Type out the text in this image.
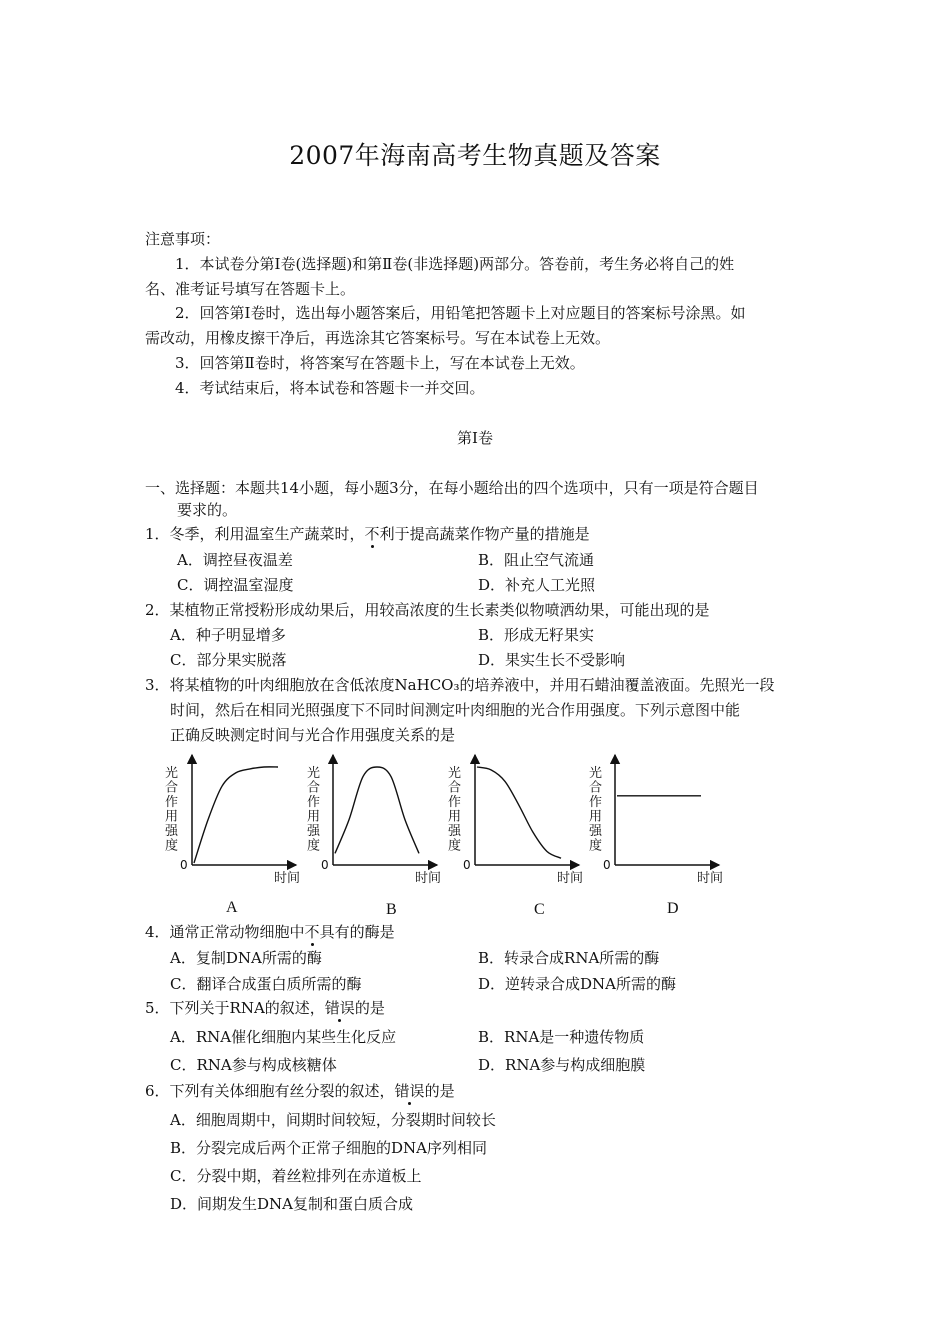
2007年海南高考生物真题及答案
注意事项：
1．本试卷分第Ⅰ卷(选择题)和第Ⅱ卷(非选择题)两部分。答卷前，考生务必将自己的姓
名、准考证号填写在答题卡上。
2．回答第Ⅰ卷时，选出每小题答案后，用铅笔把答题卡上对应题目的答案标号涂黑。如
需改动，用橡皮擦干净后，再选涂其它答案标号。写在本试卷上无效。
3．回答第Ⅱ卷时，将答案写在答题卡上，写在本试卷上无效。
4．考试结束后，将本试卷和答题卡一并交回。
第Ⅰ卷
一、选择题：本题共14小题，每小题3分，在每小题给出的四个选项中，只有一项是符合题目
要求的。
1．冬季，利用温室生产蔬菜时，不利于提高蔬菜作物产量的措施是
A．调控昼夜温差	B．阻止空气流通
C．调控温室湿度	D．补充人工光照
2．某植物正常授粉形成幼果后，用较高浓度的生长素类似物喷洒幼果，可能出现的是
A．种子明显增多	B．形成无籽果实
C．部分果实脱落	D．果实生长不受影响
3．将某植物的叶肉细胞放在含低浓度NaHCO₃的培养液中，并用石蜡油覆盖液面。先照光一段
时间，然后在相同光照强度下不同时间测定叶肉细胞的光合作用强度。下列示意图中能
正确反映测定时间与光合作用强度关系的是
光合作用强度
0
时间
光合作用强度
0
时间
光合作用强度
0
时间
光合作用强度
0
时间
A	B	C	D
4．通常正常动物细胞中不具有的酶是
A．复制DNA所需的酶	B．转录合成RNA所需的酶
C．翻译合成蛋白质所需的酶	D．逆转录合成DNA所需的酶
5．下列关于RNA的叙述，错误的是
A．RNA催化细胞内某些生化反应	B．RNA是一种遗传物质
C．RNA参与构成核糖体	D．RNA参与构成细胞膜
6．下列有关体细胞有丝分裂的叙述，错误的是
A．细胞周期中，间期时间较短，分裂期时间较长
B．分裂完成后两个正常子细胞的DNA序列相同
C．分裂中期，着丝粒排列在赤道板上
D．间期发生DNA复制和蛋白质合成
